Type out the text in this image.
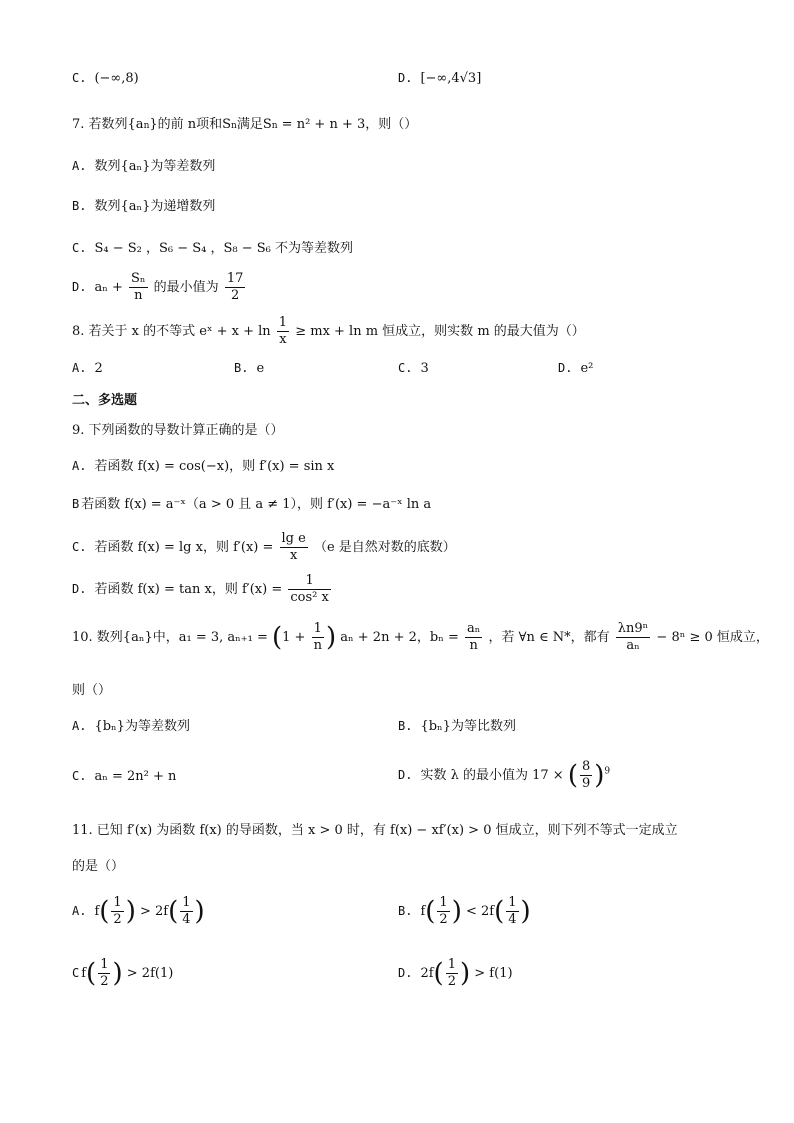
C. (−∞,8)	D. [−∞,4√3]
7. 若数列{an}的前 n项和Sn满足Sn = n² + n + 3，则（）
A. 数列{aₙ}为等差数列
B. 数列{aₙ}为递增数列
C. S₄ − S₂ ，S₆ − S₄ ，S₈ − S₆ 不为等差数列
D. $a_n + \frac{\text{Sₙ}}{n}$ 的最小值为 $\frac{17}{2}$
8. 若关于 x 的不等式 eˣ + $x + \ln \frac{1}{x}$ ≥ mx + ln m 恒成立，则实数 m 的最大值为（）
A. 2	B. e	C. 3	D. e²
二、多选题
9. 下列函数的导数计算正确的是（）
A. 若函数 f(x) = cos(−x)，则 f′(x) = sin x
B 若函数 f(x) = a⁻ˣ（a > 0 且 a ≠ 1），则 f′(x) = −a⁻ˣ ln a
C. 若函数 f(x) = lg x，则 $f'(x) = \frac{\text{lg e}}{x} (e$ 是自然对数的底数）
D. 若函数 f(x) = tan x，则 $f'(x) = \frac{1}{\text{cos² x}}$
10. 数列{aₙ}中，a₁ = 3, $a_{n+1} = (1 + \frac{1}{n}$ ) aₙ + 2n + 2，$b_n = \frac{\text{aₙ}}{n}$ ，若 ∀n ∈ N*，都有 $\frac{\text{λn9ⁿ}}{\text{aₙ}} - 8^n \ge 0$ 恒成立，
则（）
A. {bₙ}为等差数列	B. {bₙ}为等比数列
C. aₙ = 2n² + n	D. 实数 λ 的最小值为 17 × ( $\frac{8}{9} )^9$
11. 已知 f′(x) 为函数 f(x) 的导函数，当 x > 0 时，有 f(x) − xf′(x) > 0 恒成立，则下列不等式一定成立
的是（）
A. $f( \frac{1}{2}$ ) > $2f( \frac{1}{4}$ )	B. $f( \frac{1}{2}$ ) < $2f( \frac{1}{4}$ )
C $f( \frac{1}{2}$ ) > 2f(1)	D. $2f( \frac{1}{2}$ ) > f(1)
